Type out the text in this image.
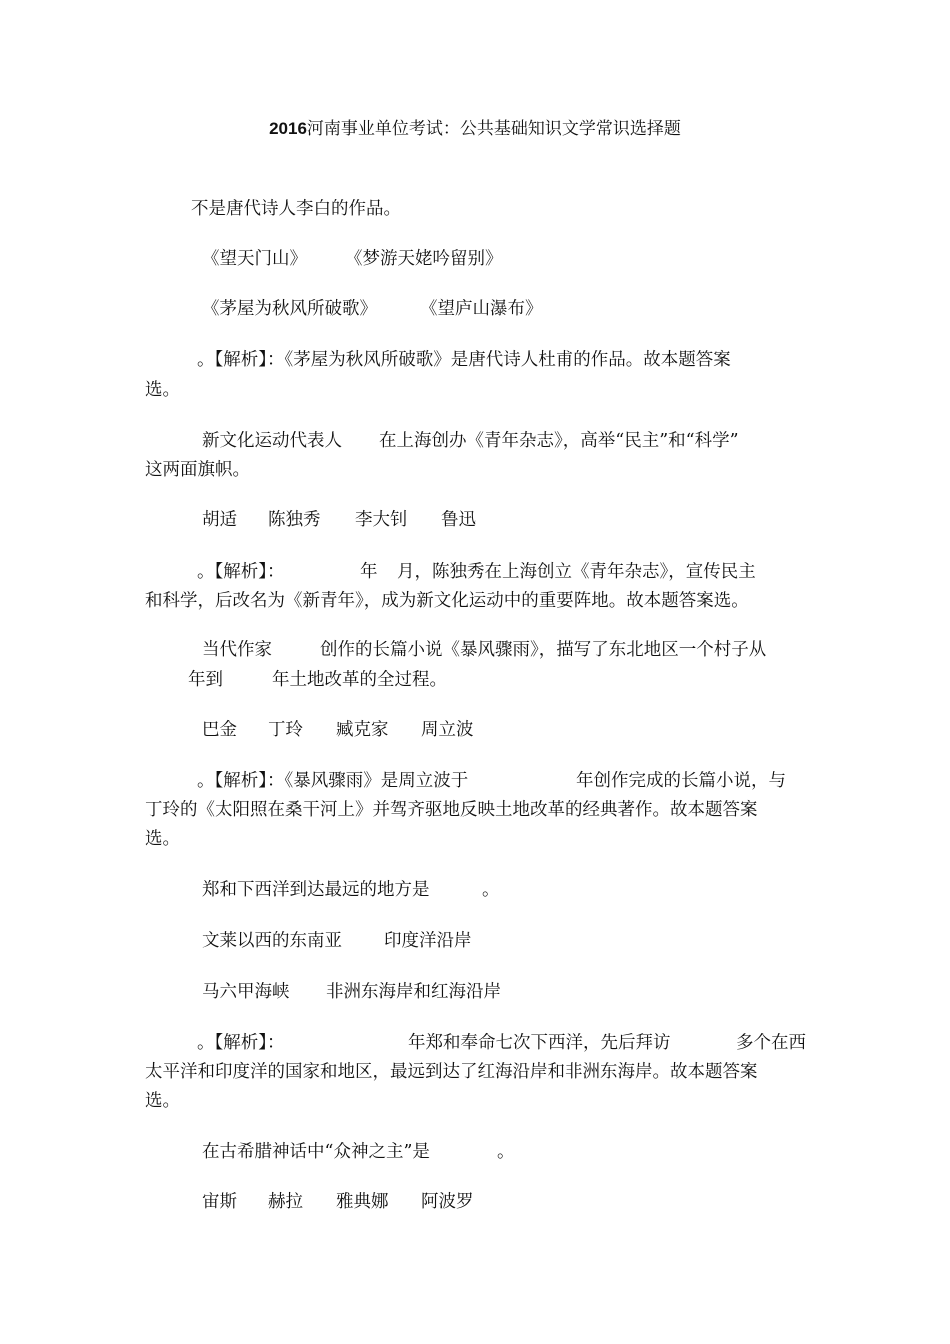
2016河南事业单位考试：公共基础知识文学常识选择题
不是唐代诗人李白的作品。
《望天门山》 《梦游天姥吟留别》
《茅屋为秋风所破歌》 《望庐山瀑布》
。【解析】：《茅屋为秋风所破歌》是唐代诗人杜甫的作品。故本题答案
选。
新文化运动代表人 在上海创办《青年杂志》，高举“民主”和“科学”
这两面旗帜。
胡适 陈独秀 李大钊 鲁迅
。【解析】：	年 月，陈独秀在上海创立《青年杂志》，宣传民主
和科学，后改名为《新青年》，成为新文化运动中的重要阵地。故本题答案选。
当代作家	创作的长篇小说《暴风骤雨》，描写了东北地区一个村子从
年到	年土地改革的全过程。
巴金 丁玲 臧克家 周立波
。【解析】：《暴风骤雨》是周立波于	年创作完成的长篇小说，与
丁玲的《太阳照在桑干河上》并驾齐驱地反映土地改革的经典著作。故本题答案
选。
郑和下西洋到达最远的地方是	。
文莱以西的东南亚 印度洋沿岸
马六甲海峡 非洲东海岸和红海沿岸
。【解析】：	年郑和奉命七次下西洋，先后拜访	多个在西
太平洋和印度洋的国家和地区，最远到达了红海沿岸和非洲东海岸。故本题答案
选。
在古希腊神话中“众神之主”是	。
宙斯 赫拉 雅典娜 阿波罗
